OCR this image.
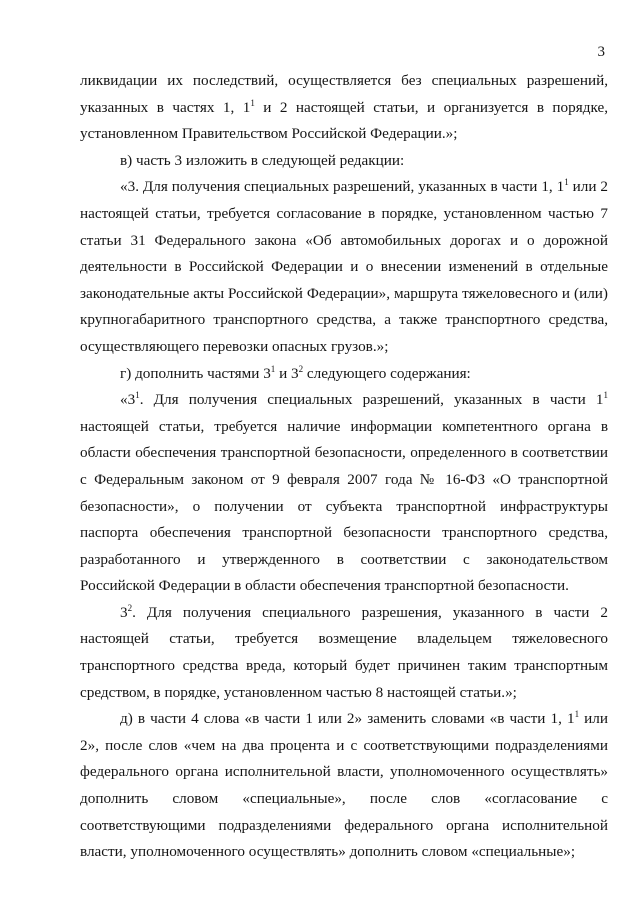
3

ликвидации их последствий, осуществляется без специальных разрешений, указанных в частях 1, $1^1$ и 2 настоящей статьи, и организуется в порядке, установленном Правительством Российской Федерации.»;

в) часть 3 изложить в следующей редакции:

«3. Для получения специальных разрешений, указанных в части 1, $1^1$ или 2 настоящей статьи, требуется согласование в порядке, установленном частью 7 статьи 31 Федерального закона «Об автомобильных дорогах и о дорожной деятельности в Российской Федерации и о внесении изменений в отдельные законодательные акты Российской Федерации», маршрута тяжеловесного и (или) крупногабаритного транспортного средства, а также транспортного средства, осуществляющего перевозки опасных грузов.»;

г) дополнить частями $3^1$ и $3^2$ следующего содержания:

«$3^1$. Для получения специальных разрешений, указанных в части $1^1$ настоящей статьи, требуется наличие информации компетентного органа в области обеспечения транспортной безопасности, определенного в соответствии с Федеральным законом от 9 февраля 2007 года № 16-ФЗ «О транспортной безопасности», о получении от субъекта транспортной инфраструктуры паспорта обеспечения транспортной безопасности транспортного средства, разработанного и утвержденного в соответствии с законодательством Российской Федерации в области обеспечения транспортной безопасности.

$3^2$. Для получения специального разрешения, указанного в части 2 настоящей статьи, требуется возмещение владельцем тяжеловесного транспортного средства вреда, который будет причинен таким транспортным средством, в порядке, установленном частью 8 настоящей статьи.»;

д) в части 4 слова «в части 1 или 2» заменить словами «в части 1, $1^1$ или 2», после слов «чем на два процента и с соответствующими подразделениями федерального органа исполнительной власти, уполномоченного осуществлять» дополнить словом «специальные», после слов «согласование с соответствующими подразделениями федерального органа исполнительной власти, уполномоченного осуществлять» дополнить словом «специальные»;
